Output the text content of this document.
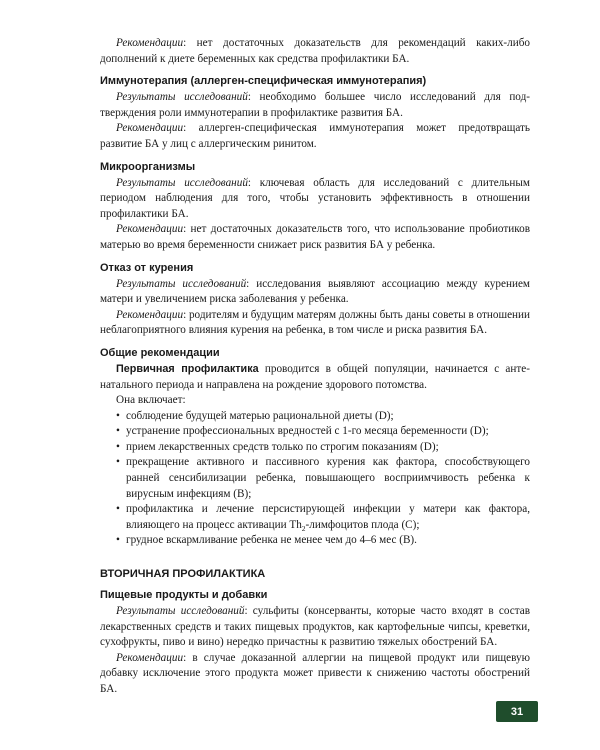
Рекомендации: нет достаточных доказательств для рекомендаций каких-либо дополнений к диете беременных как средства профилактики БА.

Иммунотерапия (аллерген-специфическая иммунотерапия)

Результаты исследований: необходимо большее число исследований для подтверждения роли иммунотерапии в профилактике развития БА.

Рекомендации: аллерген-специфическая иммунотерапия может предотвращать развитие БА у лиц с аллергическим ринитом.

Микроорганизмы

Результаты исследований: ключевая область для исследований с длительным периодом наблюдения для того, чтобы установить эффективность в отношении профилактики БА.

Рекомендации: нет достаточных доказательств того, что использование пробиотиков матерью во время беременности снижает риск развития БА у ребенка.

Отказ от курения

Результаты исследований: исследования выявляют ассоциацию между курением матери и увеличением риска заболевания у ребенка.

Рекомендации: родителям и будущим матерям должны быть даны советы в отношении неблагоприятного влияния курения на ребенка, в том числе и риска развития БА.

Общие рекомендации

Первичная профилактика проводится в общей популяции, начинается с антенатального периода и направлена на рождение здорового потомства.

Она включает:

• соблюдение будущей матерью рациональной диеты (D);
• устранение профессиональных вредностей с 1-го месяца беременности (D);
• прием лекарственных средств только по строгим показаниям (D);
• прекращение активного и пассивного курения как фактора, способствующего ранней сенсибилизации ребенка, повышающего восприимчивость ребенка к вирусным инфекциям (B);
• профилактика и лечение персистирующей инфекции у матери как фактора, влияющего на процесс активации $Th_2$-лимфоцитов плода (C);
• грудное вскармливание ребенка не менее чем до 4–6 мес (B).
ВТОРИЧНАЯ ПРОФИЛАКТИКА
Пищевые продукты и добавки

Результаты исследований: сульфиты (консерванты, которые часто входят в состав лекарственных средств и таких пищевых продуктов, как картофельные чипсы, креветки, сухофрукты, пиво и вино) нередко причастны к развитию тяжелых обострений БА.

Рекомендации: в случае доказанной аллергии на пищевой продукт или пищевую добавку исключение этого продукта может привести к снижению частоты обострений БА.

31
